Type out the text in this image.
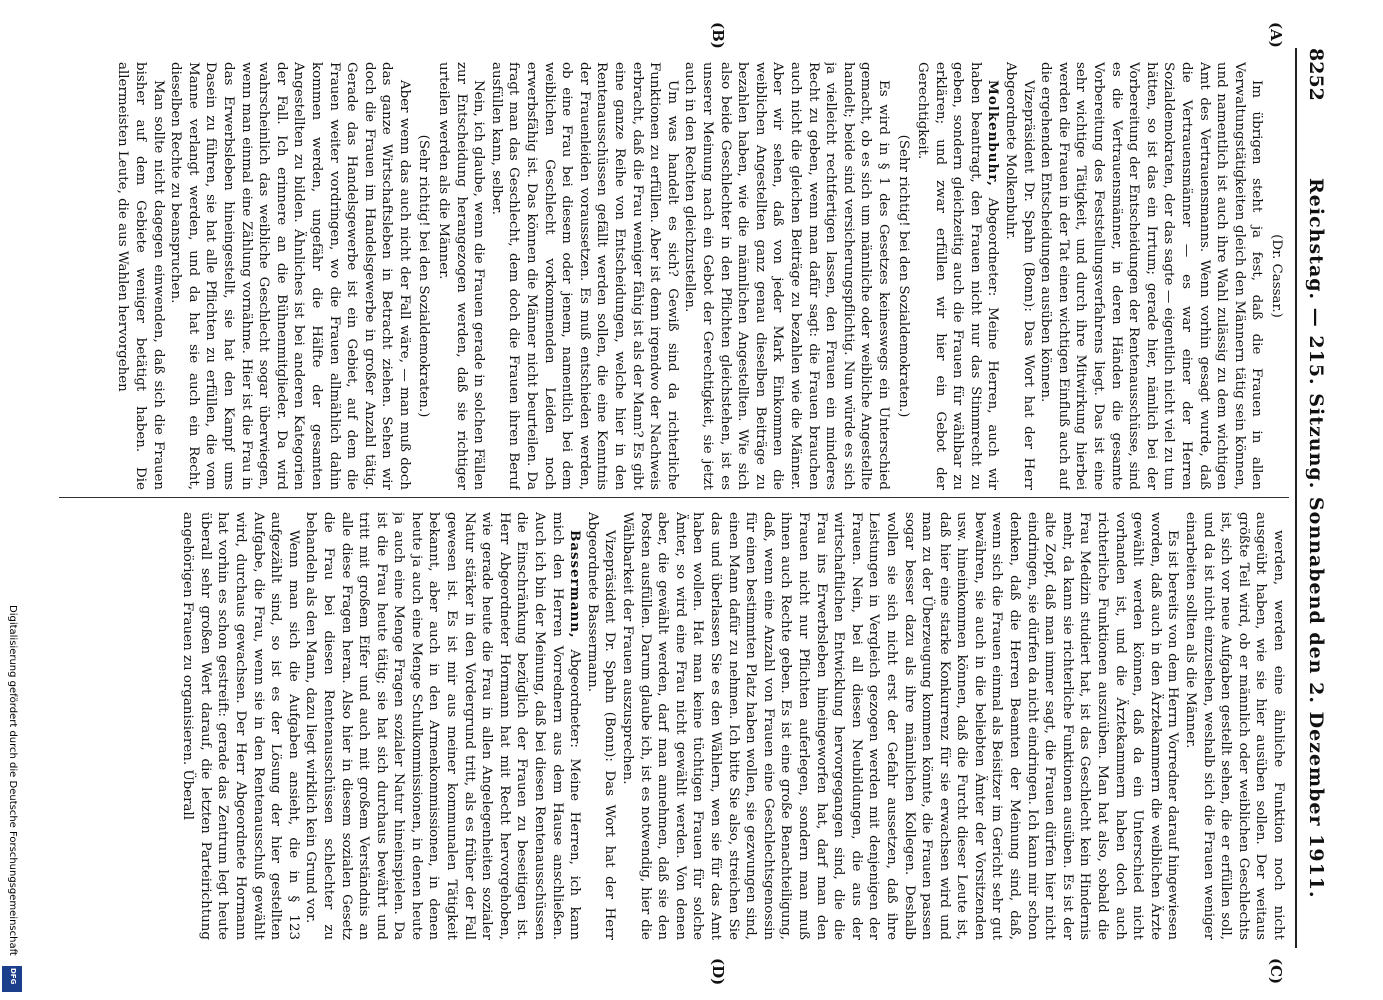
8252
Reichstag. — 215. Sitzung. Sonnabend den 2. Dezember 1911.
(A)
(B)
(C)
(D)

(Dr. Cassar.)

Im übrigen steht ja fest, daß die Frauen in allen Verwaltungstätigkeiten gleich den Männern tätig sein können, und namentlich ist auch ihre Wahl zulässig zu dem wichtigen Amt des Vertrauensmanns. Wenn vorhin gesagt wurde, daß die Vertrauensmänner — es war einer der Herren Sozialdemokraten, der das sagte — eigentlich nicht viel zu tun hätten, so ist das ein Irrtum; gerade hier, nämlich bei der Vorbereitung der Entscheidungen der Rentenausschüsse, sind es die Vertrauensmänner, in deren Händen die gesamte Vorbereitung des Feststellungsverfahrens liegt. Das ist eine sehr wichtige Tätigkeit, und durch ihre Mitwirkung hierbei werden die Frauen in der Tat einen wichtigen Einfluß auch auf die ergehenden Entscheidungen ausüben können.

Vizepräsident Dr. Spahn (Bonn): Das Wort hat der Herr Abgeordnete Molkenbuhr.

Molkenbuhr, Abgeordneter: Meine Herren, auch wir haben beantragt, den Frauen nicht nur das Stimmrecht zu geben, sondern gleichzeitig auch die Frauen für wählbar zu erklären; und zwar erfüllen wir hier ein Gebot der Gerechtigkeit.

(Sehr richtig! bei den Sozialdemokraten.)

Es wird in § 1 des Gesetzes keineswegs ein Unterschied gemacht, ob es sich um männliche oder weibliche Angestellte handelt; beide sind versicherungspflichtig. Nun würde es sich ja vielleicht rechtfertigen lassen, den Frauen ein minderes Recht zu geben, wenn man dafür sagt: die Frauen brauchen auch nicht die gleichen Beiträge zu bezahlen wie die Männer. Aber wir sehen, daß von jeder Mark Einkommen die weiblichen Angestellten ganz genau dieselben Beiträge zu bezahlen haben, wie die männlichen Angestellten. Wie sich also beide Geschlechter in den Pflichten gleichstehen, ist es unserer Meinung nach ein Gebot der Gerechtigkeit, sie jetzt auch in den Rechten gleichzustellen.

Um was handelt es sich? Gewiß sind da richterliche Funktionen zu erfüllen. Aber ist denn irgendwo der Nachweis erbracht, daß die Frau weniger fähig ist als der Mann? Es gibt eine ganze Reihe von Entscheidungen, welche hier in den Rentenausschüssen gefällt werden sollen, die eine Kenntnis der Frauenleiden voraussetzen. Es muß entschieden werden, ob eine Frau bei diesem oder jenem, namentlich bei dem weiblichen Geschlecht vorkommenden Leiden noch erwerbsfähig ist. Das können die Männer nicht beurteilen. Da fragt man das Geschlecht, dem doch die Frauen ihren Beruf ausfüllen kann, selber.

Nein, ich glaube, wenn die Frauen gerade in solchen Fällen zur Entscheidung herangezogen werden, daß sie richtiger urteilen werden als die Männer.

(Sehr richtig! bei den Sozialdemokraten.)

Aber wenn das auch nicht der Fall wäre, — man muß doch das ganze Wirtschaftsleben in Betracht ziehen. Sehen wir doch die Frauen im Handelsgewerbe in großer Anzahl tätig. Gerade das Handelsgewerbe ist ein Gebiet, auf dem die Frauen weiter vordringen, wo die Frauen allmählich dahin kommen werden, ungefähr die Hälfte der gesamten Angestellten zu bilden. Ähnliches ist bei anderen Kategorien der Fall. Ich erinnere an die Bühnenmitglieder. Da wird wahrscheinlich das weibliche Geschlecht sogar überwiegen, wenn man einmal eine Zählung vornähme. Hier ist die Frau in das Erwerbsleben hineingestellt, sie hat den Kampf ums Dasein zu führen, sie hat alle Pflichten zu erfüllen, die vom Manne verlangt werden, und da hat sie auch ein Recht, dieselben Rechte zu beanspruchen.

Man sollte nicht dagegen einwenden, daß sich die Frauen bisher auf dem Gebiete weniger betätigt haben. Die allermeisten Leute, die aus Wahlen hervorgehen

werden, werden eine ähnliche Funktion noch nicht ausgeübt haben, wie sie hier ausüben sollen. Der weitaus größte Teil wird, ob er männlich oder weiblichen Geschlechts ist, sich vor neue Aufgaben gestellt sehen, die er erfüllen soll, und da ist nicht einzusehen, weshalb sich die Frauen weniger einarbeiten sollten als die Männer.

Es ist bereits von dem Herrn Vorredner darauf hingewiesen worden, daß auch in den Ärztekammern die weiblichen Ärzte gewählt werden können, daß da ein Unterschied nicht vorhanden ist, und die Ärztekammern haben doch auch richterliche Funktionen auszuüben. Man hat also, sobald die Frau Medizin studiert hat, ist das Geschlecht kein Hindernis mehr, da kann sie richterliche Funktionen ausüben. Es ist der alte Zopf, daß man immer sagt, die Frauen dürfen hier nicht eindringen, sie dürfen da nicht eindringen. Ich kann mir schon denken, daß die Herren Beamten der Meinung sind, daß, wenn sich die Frauen einmal als Beisitzer im Gericht sehr gut bewähren, sie auch in die beliebten Ämter der Vorsitzenden usw. hineinkommen können, daß die Furcht dieser Leute ist, daß hier eine starke Konkurrenz für sie erwachsen wird und man zu der Überzeugung kommen könnte, die Frauen passen sogar besser dazu als ihre männlichen Kollegen. Deshalb wollen sie sich nicht erst der Gefahr aussetzen, daß ihre Leistungen in Vergleich gezogen werden mit denjenigen der Frauen. Nein, bei all diesen Neubildungen, die aus der wirtschaftlichen Entwicklung hervorgegangen sind, die die Frau ins Erwerbsleben hineingeworfen hat, darf man den Frauen nicht nur Pflichten auferlegen, sondern man muß ihnen auch Rechte geben. Es ist eine große Benachteiligung, daß, wenn eine Anzahl von Frauen eine Geschlechtsgenossin für einen bestimmten Platz haben wollen, sie gezwungen sind, einen Mann dafür zu nehmen. Ich bitte Sie also, streichen Sie das und überlassen Sie es den Wählern, wen sie für das Amt haben wollen. Hat man keine tüchtigen Frauen für solche Ämter, so wird eine Frau nicht gewählt werden. Von denen aber, die gewählt werden, darf man annehmen, daß sie den Posten ausfüllen. Darum glaube ich, ist es notwendig, hier die Wählbarkeit der Frauen auszusprechen.

Vizepräsident Dr. Spahn (Bonn): Das Wort hat der Herr Abgeordnete Bassermann.

Bassermann, Abgeordneter: Meine Herren, ich kann mich den Herren Vorrednern aus dem Hause anschließen. Auch ich bin der Meinung, daß bei diesen Rentenausschüssen die Einschränkung bezüglich der Frauen zu beseitigen ist. Herr Abgeordneter Hormann hat mit Recht hervorgehoben, wie gerade heute die Frau in allen Angelegenheiten sozialer Natur stärker in den Vordergrund tritt, als es früher der Fall gewesen ist. Es ist mir aus meiner kommunalen Tätigkeit bekannt, aber auch in den Armenkommissionen, in denen heute ja auch eine Menge Schulkommissionen, in denen heute ja auch eine Menge Fragen sozialer Natur hineinspielen. Da ist die Frau heute tätig; sie hat sich durchaus bewährt und tritt mit großem Eifer und auch mit großem Verständnis an alle diese Fragen heran. Also hier in diesem sozialen Gesetz die Frau bei diesen Rentenausschüssen schlechter zu behandeln als den Mann, dazu liegt wirklich kein Grund vor.

Wenn man sich die Aufgaben ansieht, die in § 123 aufgezählt sind, so ist es der Lösung der hier gestellten Aufgabe, die Frau, wenn sie in den Rentenausschuß gewählt wird, durchaus gewachsen. Der Herr Abgeordnete Hormann hat vorhin es schon gestreift: gerade das Zentrum legt heute überall sehr großen Wert darauf, die letzten Parteirichtung angehörigen Frauen zu organisieren. Überall

Digitalisierung gefördert durch die Deutsche Forschungsgemeinschaft
DFG
